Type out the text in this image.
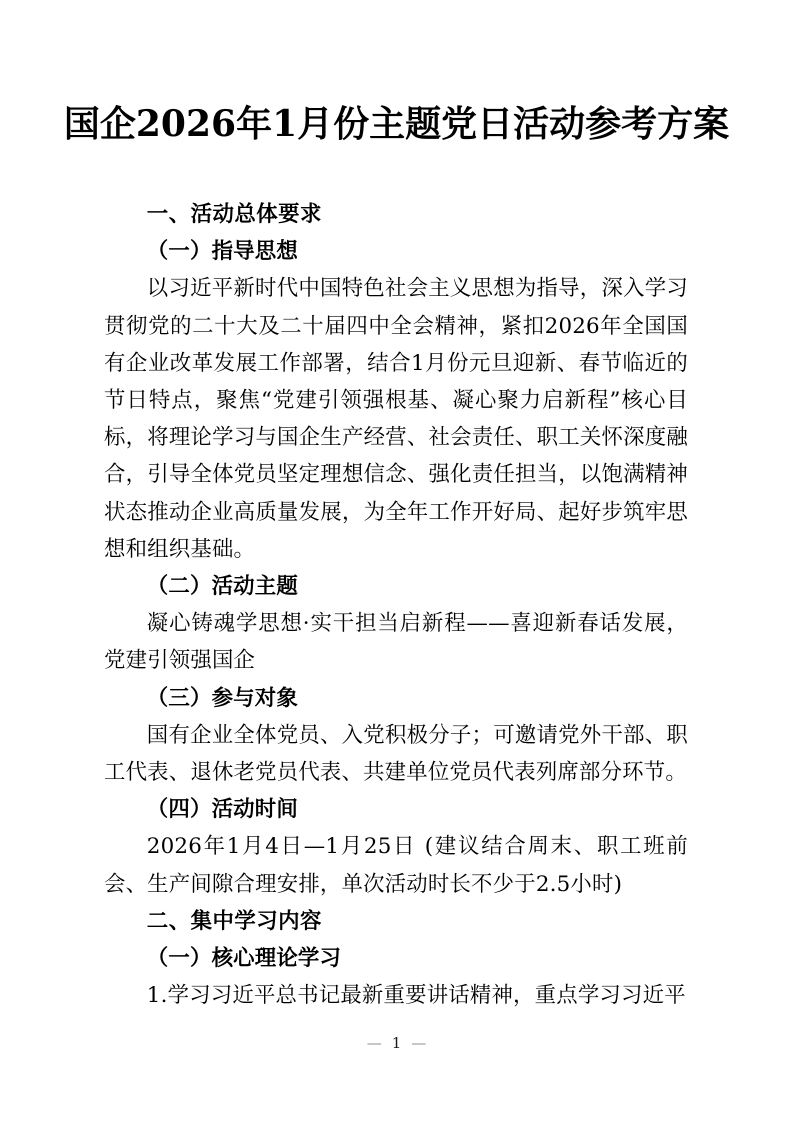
国企2026年1月份主题党日活动参考方案
一、活动总体要求
（一）指导思想
以习近平新时代中国特色社会主义思想为指导，深入学习贯彻党的二十大及二十届四中全会精神，紧扣2026年全国国有企业改革发展工作部署，结合1月份元旦迎新、春节临近的节日特点，聚焦“党建引领强根基、凝心聚力启新程”核心目标，将理论学习与国企生产经营、社会责任、职工关怀深度融合，引导全体党员坚定理想信念、强化责任担当，以饱满精神状态推动企业高质量发展，为全年工作开好局、起好步筑牢思想和组织基础。
（二）活动主题
凝心铸魂学思想·实干担当启新程——喜迎新春话发展，党建引领强国企
（三）参与对象
国有企业全体党员、入党积极分子；可邀请党外干部、职工代表、退休老党员代表、共建单位党员代表列席部分环节。
（四）活动时间
2026年1月4日—1月25日 (建议结合周末、职工班前会、生产间隙合理安排，单次活动时长不少于2.5小时)
二、集中学习内容
（一）核心理论学习
1.学习习近平总书记最新重要讲话精神，重点学习习近平
— 1 —
